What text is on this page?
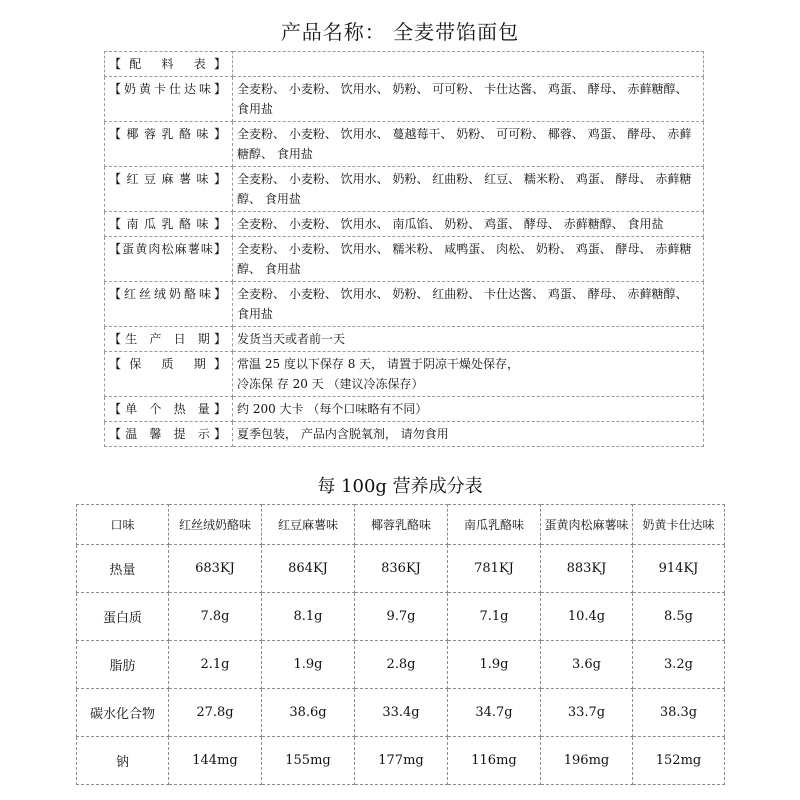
产品名称： 全麦带馅面包
【配 料 表】	
【奶黄卡仕达味】	全麦粉、 小麦粉、 饮用水、 奶粉、 可可粉、 卡仕达酱、 鸡蛋、 酵母、 赤藓糖醇、 食用盐
【椰蓉乳酪味】	全麦粉、 小麦粉、 饮用水、 蔓越莓干、 奶粉、 可可粉、 椰蓉、 鸡蛋、 酵母、 赤藓糖醇、 食用盐
【红豆麻薯味】	全麦粉、 小麦粉、 饮用水、 奶粉、 红曲粉、 红豆、 糯米粉、 鸡蛋、 酵母、 赤藓糖醇、 食用盐
【南瓜乳酪味】	全麦粉、 小麦粉、 饮用水、 南瓜馅、 奶粉、 鸡蛋、 酵母、 赤藓糖醇、 食用盐
【蛋黄肉松麻薯味】	全麦粉、 小麦粉、 饮用水、 糯米粉、 咸鸭蛋、 肉松、 奶粉、 鸡蛋、 酵母、 赤藓糖醇、 食用盐
【红丝绒奶酪味】	全麦粉、 小麦粉、 饮用水、 奶粉、 红曲粉、 卡仕达酱、 鸡蛋、 酵母、 赤藓糖醇、 食用盐
【生 产 日 期】	发货当天或者前一天
【保 质 期】	常温 25 度以下保存 8 天， 请置于阴凉干燥处保存，
冷冻保 存 20 天 （建议冷冻保存）

【单 个 热 量】	约 200 大卡 （每个口味略有不同）
【温 馨 提 示】	夏季包装， 产品内含脱氧剂， 请勿食用
每 100g 营养成分表
口味	红丝绒奶酪味	红豆麻薯味	椰蓉乳酪味	南瓜乳酪味	蛋黄肉松麻薯味	奶黄卡仕达味
热量	683KJ	864KJ	836KJ	781KJ	883KJ	914KJ
蛋白质	7.8g	8.1g	9.7g	7.1g	10.4g	8.5g
脂肪	2.1g	1.9g	2.8g	1.9g	3.6g	3.2g
碳水化合物	27.8g	38.6g	33.4g	34.7g	33.7g	38.3g
钠	144mg	155mg	177mg	116mg	196mg	152mg
